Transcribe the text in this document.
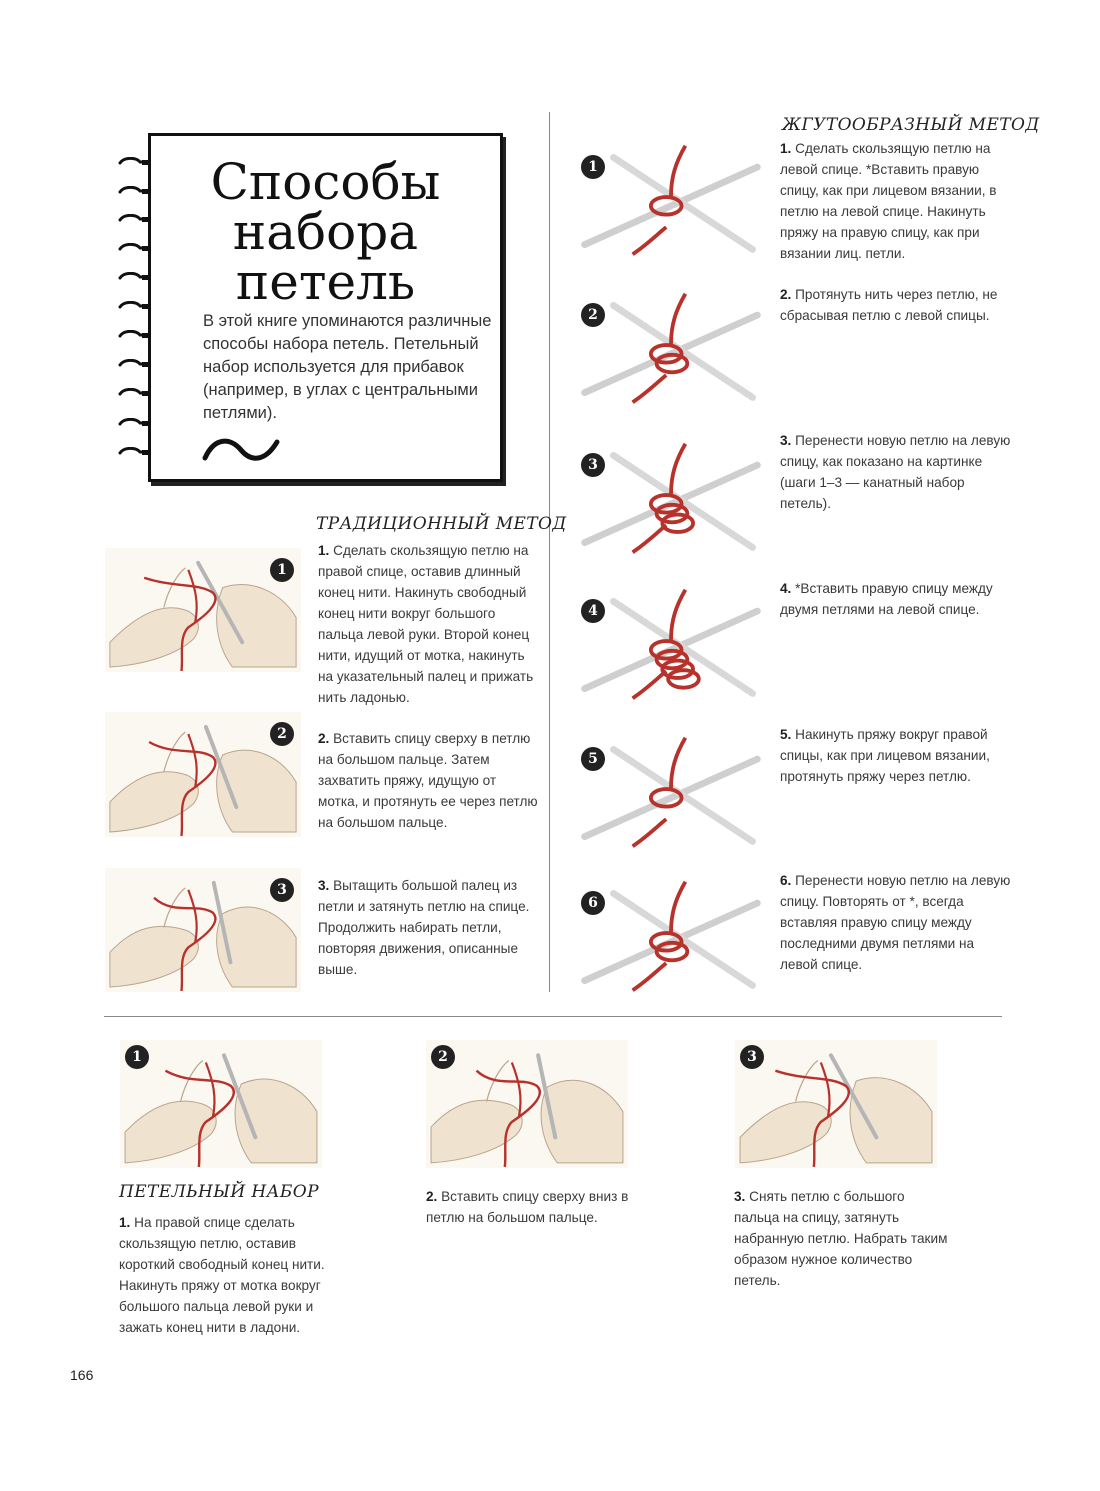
Способы
набора
петель
В этой книге упоминаются различные способы набора петель. Петельный набор используется для прибавок (например, в углах с центральными петлями).
ТРАДИЦИОННЫЙ МЕТОД
1
1. Сделать скользящую петлю на правой спице, оставив длинный конец нити. Накинуть свободный конец нити вокруг большого пальца левой руки. Второй конец нити, идущий от мотка, накинуть на указательный палец и прижать нить ладонью.
2	2. Вставить спицу сверху в петлю на большом пальце. Затем захватить пряжу, идущую от мотка, и протянуть ее через петлю на большом пальце.
3	3. Вытащить большой палец из петли и затянуть петлю на спице. Продолжить набирать петли, повторяя движения, описанные выше.
ЖГУТООБРАЗНЫЙ МЕТОД
1
1. Сделать скользящую петлю на левой спице. *Вставить правую спицу, как при лицевом вязании, в петлю на левой спице. Накинуть пряжу на правую спицу, как при вязании лиц. петли.
2
2. Протянуть нить через петлю, не сбрасывая петлю с левой спицы.
3
3. Перенести новую петлю на левую спицу, как показано на картинке (шаги 1–3 — канатный набор петель).
4
4. *Вставить правую спицу между двумя петлями на левой спице.
5
5. Накинуть пряжу вокруг правой спицы, как при лицевом вязании, протянуть пряжу через петлю.
6
6. Перенести новую петлю на левую спицу. Повторять от *, всегда вставляя правую спицу между последними двумя петлями на левой спице.
ПЕТЕЛЬНЫЙ НАБОР
1
1. На правой спице сделать скользящую петлю, оставив короткий свободный конец нити. Накинуть пряжу от мотка вокруг большого пальца левой руки и зажать конец нити в ладони.
2
2. Вставить спицу сверху вниз в петлю на большом пальце.
3
3. Снять петлю с большого пальца на спицу, затянуть набранную петлю. Набрать таким образом нужное количество петель.
166
